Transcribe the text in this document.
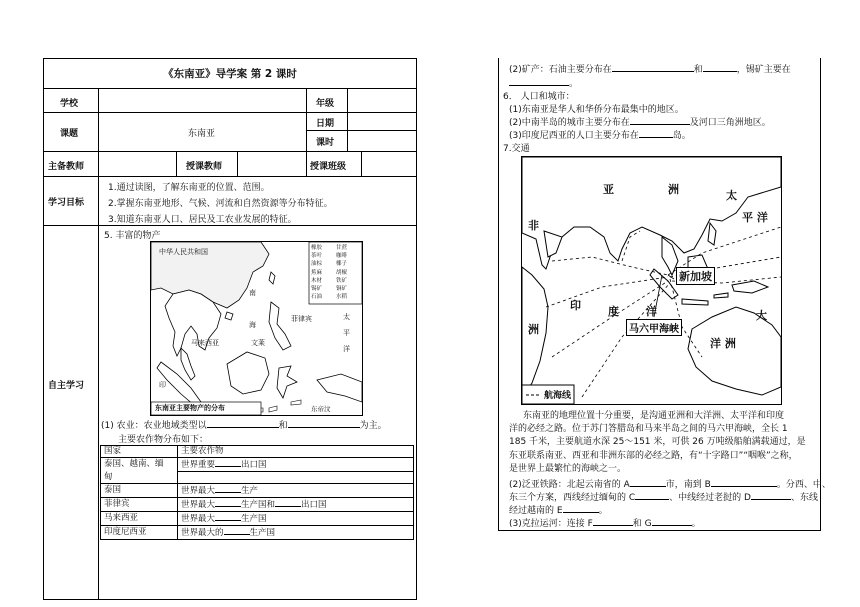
《东南亚》导学案 第 2 课时
学校	年级
课题	东南亚
日期
课时
主备教师	授课教师	授课班级
学习目标
1.通过读图，了解东南亚的位置、范围。
2.掌握东南亚地形、气候、河流和自然资源等分布特征。
3.知道东南亚人口、居民及工农业发展的特征。
自主学习
5. 丰富的物产
中华人民共和国
南
海
菲律宾	太
平
洋
马来西亚	文莱
印
东帝汶
东南亚主要物产的分布
橡胶	甘蔗
茶叶	咖啡
油棕	椰子
蕉麻	胡椒
木材	铁矿
锡矿	铜矿
石油	水稻
(1) 农业：农业地域类型以	和	为主。
主要农作物分布如下：
国家	主要农作物
泰国、越南、缅	世界重要 出口国
甸	
泰国	世界最大 生产
菲律宾	世界最大 生产国和 出口国
马来西亚	世界最大 生产国
印度尼西亚	世界最大的 生产国
(2)矿产：石油主要分布在	和	，锡矿主要在
。
6． 人口和城市：
(1)东南亚是华人和华侨分布最集中的地区。
(2)中南半岛的城市主要分布在	及河口三角洲地区。
(3)印度尼西亚的人口主要分布在	岛。
7.交通
亚	洲
非
洲
太
平 洋
新加坡
印 度 洋
马六甲海峡
大
洋 洲
航海线
东南亚的地理位置十分重要，是沟通亚洲和大洋洲、太平洋和印度
洋的必经之路。位于苏门答腊岛和马来半岛之间的马六甲海峡，全长 1
185 千米，主要航道水深 25～151 米，可供 26 万吨级船舶满载通过，是
东亚联系南亚、西亚和非洲东部的必经之路，有“十字路口”“咽喉”之称，
是世界上最繁忙的海峡之一。
(2)泛亚铁路：北起云南省的 A	市，南到 B	。分西、中、
东三个方案，西线经过缅甸的 C	、中线经过老挝的 D	、东线
经过越南的 E	。
(3)克拉运河：连接 F	和 G	。
